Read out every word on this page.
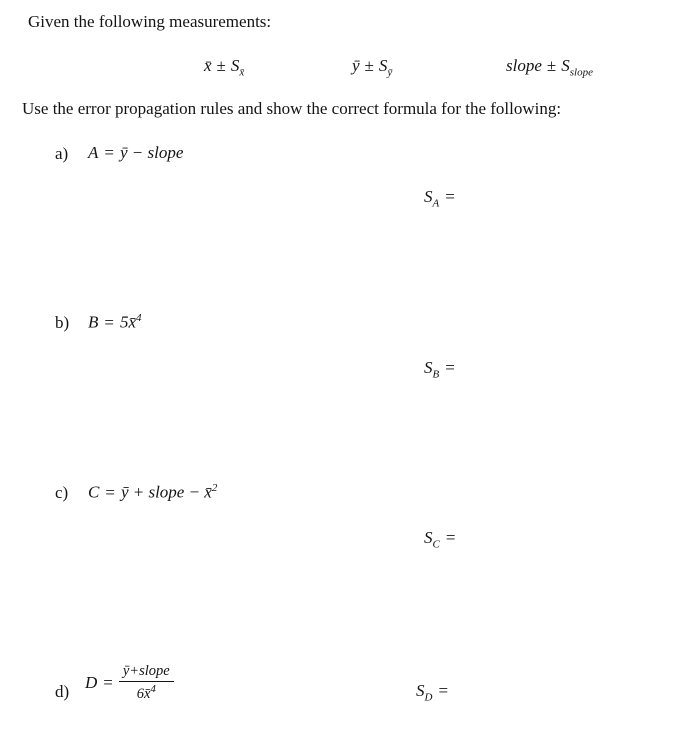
Given the following measurements:
x̄ ± $S_{x̄}$	ȳ ± $S_ȳ$	slope ± $S_{slope}$
Use the error propagation rules and show the correct formula for the following:
a) A = ȳ − slope
$S_A$ =
b) B = 5x̄$^4$
$S_B$ =
c) C = ȳ + slope − x̄$^2$
$S_C$ =
d) $D = \frac{\text{ȳ+slope}}{6x̄^4}$	$S_D$ =
